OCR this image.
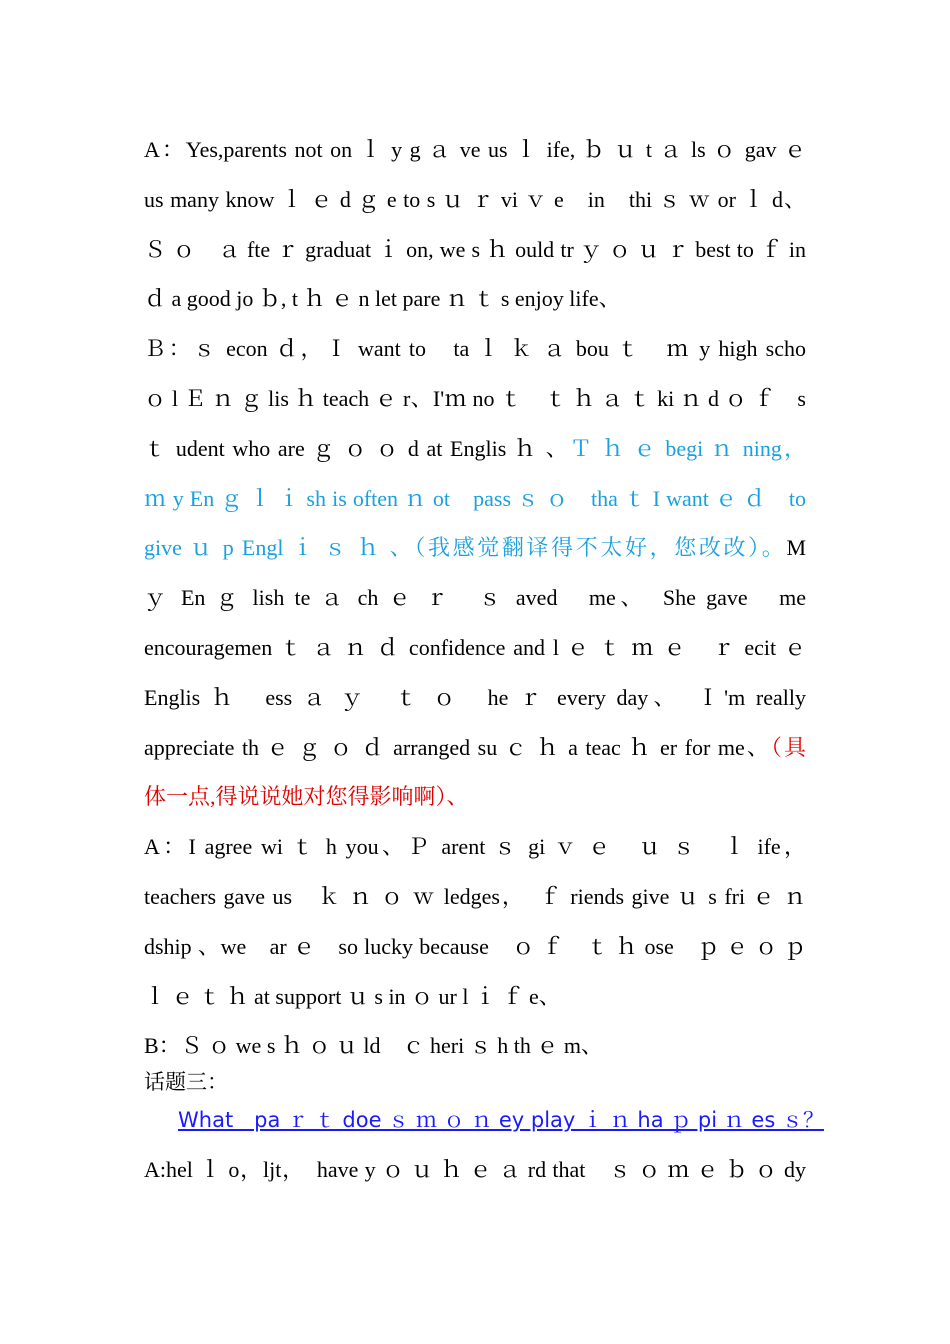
A：Yes,parents not on ｌ y g ａ ve us ｌ ife, ｂ ｕ t ａ ls ｏ gav ｅ
us many know ｌ ｅ d ｇ e to s ｕ ｒ vi ｖ e　in　thi ｓ ｗ or ｌ d、
Ｓ ｏ　ａ fte ｒ graduat ｉ on, we s ｈ ould tr ｙ ｏ ｕ ｒ best to ｆ in
ｄ a good jo ｂ, t ｈ ｅ n let pare ｎ ｔ s enjoy life、
Ｂ：ｓ econ ｄ，Ｉ want to　ta ｌ ｋ ａ bou ｔ　ｍ y high scho
ｏ l Ｅ ｎ ｇ lis ｈ teach ｅ r、I'ｍ no ｔ　ｔ ｈ ａ ｔ ki ｎ d ｏ ｆ　s
ｔ udent who are ｇ ｏ ｏ d at Englis ｈ 、Ｔ ｈ ｅ begi ｎ ning，
ｍ y En ｇ ｌ ｉ sh is often ｎ ot　pass ｓ ｏ　tha ｔ I want ｅ ｄ　to
give ｕ p Engl ｉ ｓ ｈ 、（我感觉翻译得不太好，您改改）。M
ｙ En ｇ lish te ａ ch ｅ ｒ　ｓ aved　me、　She gave　me
encouragemen ｔ ａ ｎ ｄ confidence and l ｅ ｔ ｍ ｅ　ｒ ecit ｅ
Englis ｈ　ess ａ ｙ　ｔ ｏ　he ｒ every day、　Ｉ'm really
appreciate th ｅ ｇ ｏ ｄ arranged su ｃ ｈ a teac ｈ er for me、（具
体一点,得说说她对您得影响啊）、
A：I agree wi ｔ h you、Ｐ arent ｓ gi ｖ ｅ　ｕ ｓ　ｌ ife，
teachers gave us　ｋ ｎ ｏ ｗ ledges，　ｆ riends give ｕ s fri ｅ ｎ
dship 、we　ar ｅ　so lucky because　ｏ ｆ　ｔ ｈ ose　ｐ ｅ ｏ ｐ
ｌ ｅ ｔ ｈ at support ｕ s in ｏ ur l ｉ ｆ e、
B：Ｓ ｏ we s ｈ ｏ ｕ ld　ｃ heri ｓ h th ｅ m、
话题三：
What　pa ｒ ｔ doe ｓ ｍ ｏ ｎ ey play ｉ ｎ ha ｐ pi ｎ es ｓ？
A:hel ｌ o，ljt，　have y ｏ ｕ ｈ ｅ ａ rd that　ｓ ｏ ｍ ｅ ｂ ｏ dy
